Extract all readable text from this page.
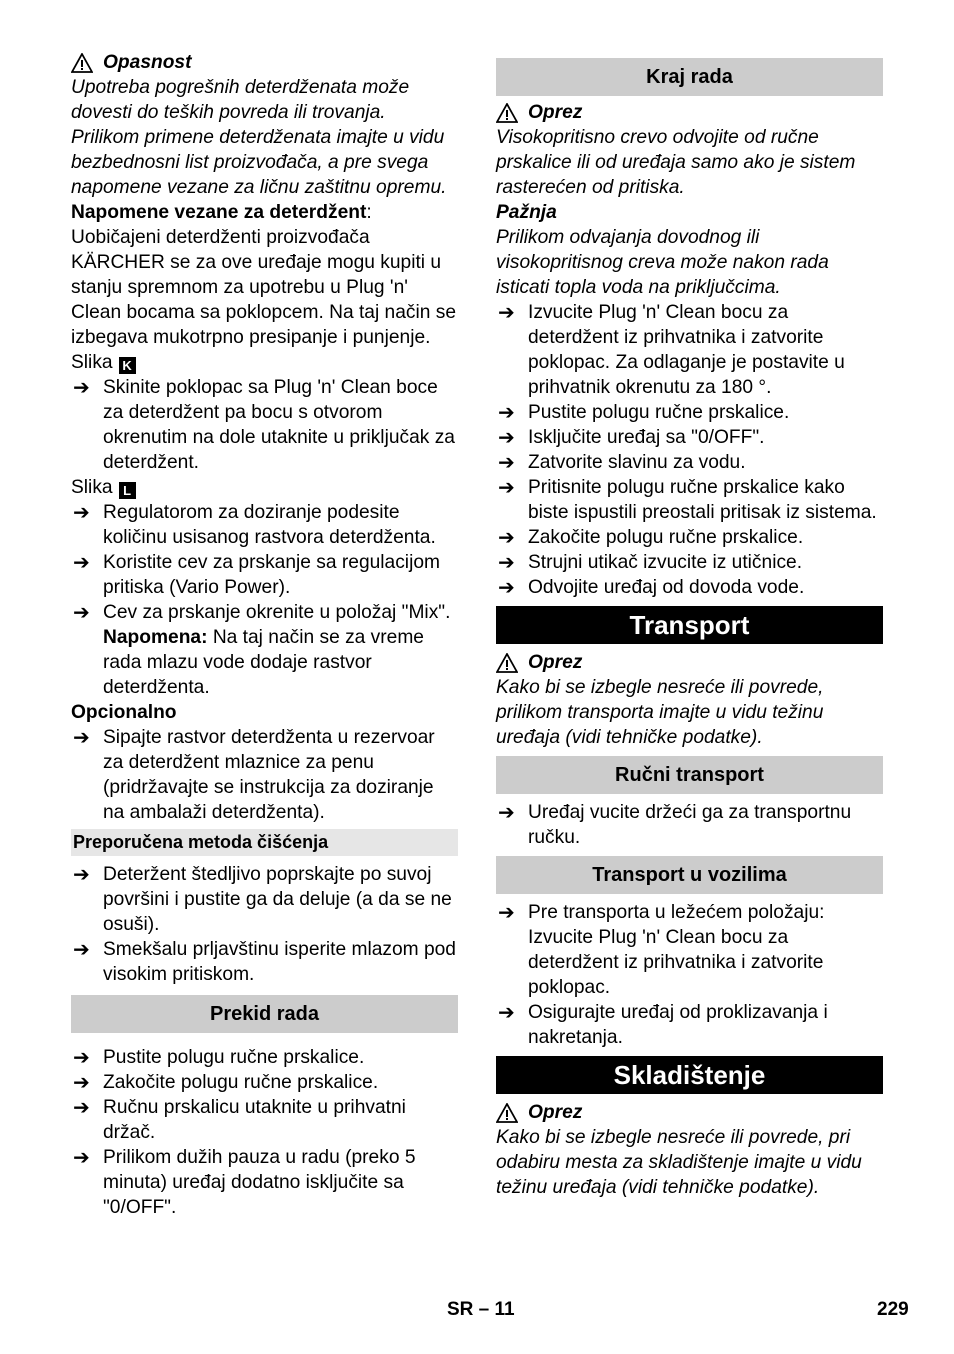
Opasnost

Upotreba pogrešnih deterdženata može dovesti do teških povreda ili trovanja. Prilikom primene deterdženata imajte u vidu bezbednosni list proizvođača, a pre svega napomene vezane za ličnu zaštitnu opremu.

Napomene vezane za deterdžent:

Uobičajeni deterdženti proizvođača KÄRCHER se za ove uređaje mogu kupiti u stanju spremnom za upotrebu u Plug 'n' Clean bocama sa poklopcem. Na taj način se izbegava mukotrpno presipanje i punjenje.

Slika K

➔ Skinite poklopac sa Plug 'n' Clean boce za deterdžent pa bocu s otvorom okrenutim na dole utaknite u priključak za deterdžent.

Slika L

➔ Regulatorom za doziranje podesite količinu usisanog rastvora deterdženta.
➔ Koristite cev za prskanje sa regulacijom pritiska (Vario Power).
➔ Cev za prskanje okrenite u položaj "Mix".
Napomena: Na taj način se za vreme rada mlazu vode dodaje rastvor deterdženta.

Opcionalno

➔ Sipajte rastvor deterdženta u rezervoar za deterdžent mlaznice za penu (pridržavajte se instrukcija za doziranje na ambalaži deterdženta).
Preporučena metoda čišćenja
➔ Deteržent štedljivo poprskajte po suvoj površini i pustite ga da deluje (a da se ne osuši).
➔ Smekšalu prljavštinu isperite mlazom pod visokim pritiskom.
Prekid rada
➔ Pustite polugu ručne prskalice.
➔ Zakočite polugu ručne prskalice.
➔ Ručnu prskalicu utaknite u prihvatni držač.
➔ Prilikom dužih pauza u radu (preko 5 minuta) uređaj dodatno isključite sa "0/OFF".
Kraj rada
Oprez

Visokopritisno crevo odvojite od ručne prskalice ili od uređaja samo ako je sistem rasterećen od pritiska.

Pažnja

Prilikom odvajanja dovodnog ili visokopritisnog creva može nakon rada isticati topla voda na priključcima.

➔ Izvucite Plug 'n' Clean bocu za deterdžent iz prihvatnika i zatvorite poklopac. Za odlaganje je postavite u prihvatnik okrenutu za 180 °.
➔ Pustite polugu ručne prskalice.
➔ Isključite uređaj sa "0/OFF".
➔ Zatvorite slavinu za vodu.
➔ Pritisnite polugu ručne prskalice kako biste ispustili preostali pritisak iz sistema.
➔ Zakočite polugu ručne prskalice.
➔ Strujni utikač izvucite iz utičnice.
➔ Odvojite uređaj od dovoda vode.
Transport
Oprez

Kako bi se izbegle nesreće ili povrede, prilikom transporta imajte u vidu težinu uređaja (vidi tehničke podatke).

Ručni transport
➔ Uređaj vucite držeći ga za transportnu ručku.
Transport u vozilima
➔ Pre transporta u ležećem položaju: Izvucite Plug 'n' Clean bocu za deterdžent iz prihvatnika i zatvorite poklopac.
➔ Osigurajte uređaj od proklizavanja i nakretanja.
Skladištenje
Oprez

Kako bi se izbegle nesreće ili povrede, pri odabiru mesta za skladištenje imajte u vidu težinu uređaja (vidi tehničke podatke).

SR – 11	229
